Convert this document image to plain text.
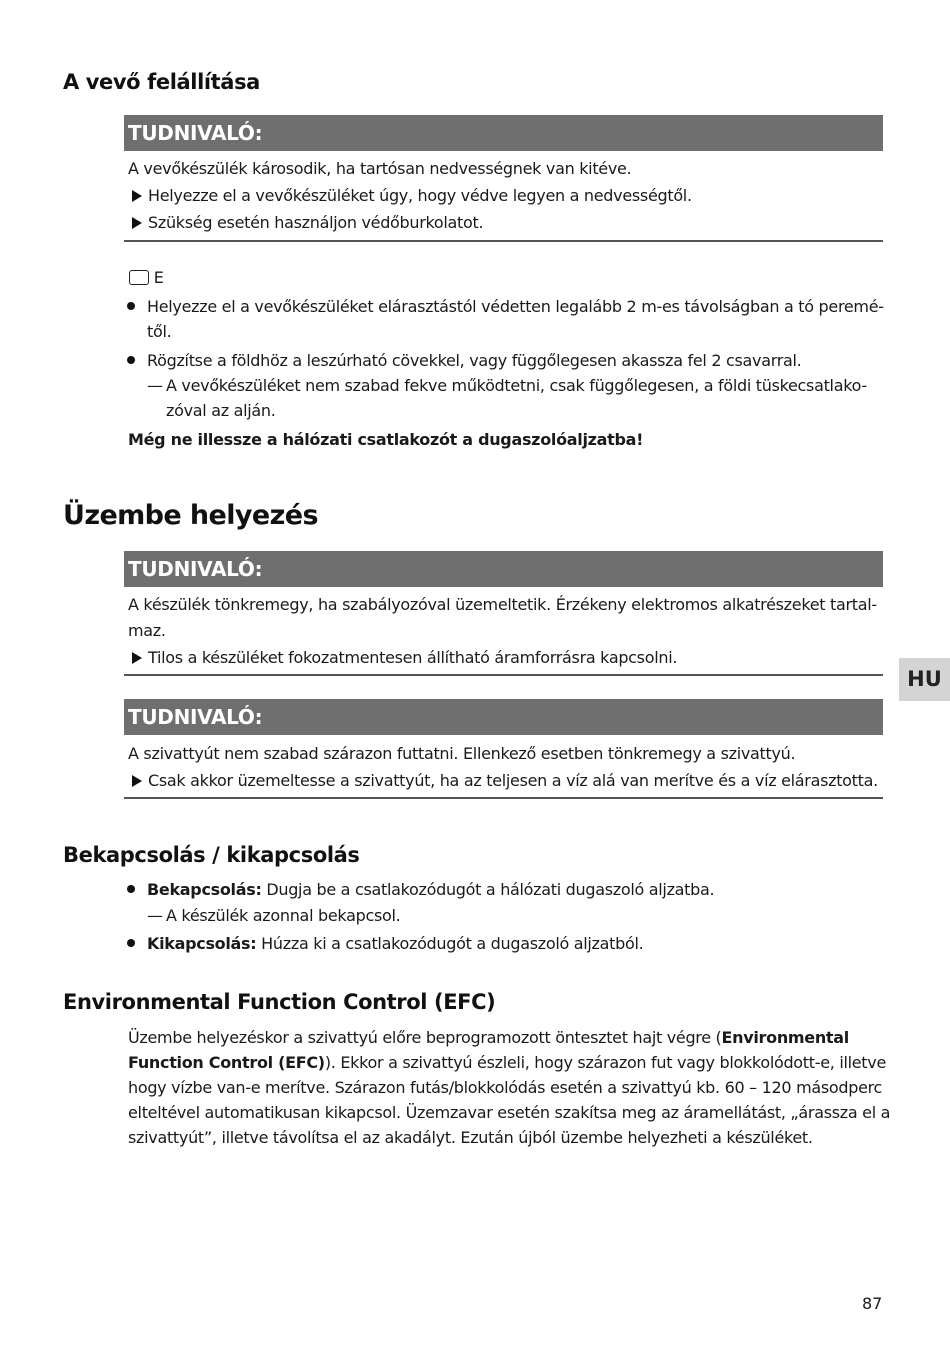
A vevő felállítása
TUDNIVALÓ:
A vevőkészülék károsodik, ha tartósan nedvességnek van kitéve.
Helyezze el a vevőkészüléket úgy, hogy védve legyen a nedvességtől.
Szükség esetén használjon védőburkolatot.
E
Helyezze el a vevőkészüléket elárasztástól védetten legalább 2 m-es távolságban a tó peremé-
től.
Rögzítse a földhöz a leszúrható cövekkel, vagy függőlegesen akassza fel 2 csavarral.
— A vevőkészüléket nem szabad fekve működtetni, csak függőlegesen, a földi tüskecsatlako-
zóval az alján.
Még ne illessze a hálózati csatlakozót a dugaszolóaljzatba!
Üzembe helyezés
TUDNIVALÓ:
A készülék tönkremegy, ha szabályozóval üzemeltetik. Érzékeny elektromos alkatrészeket tartal-
maz.
Tilos a készüléket fokozatmentesen állítható áramforrásra kapcsolni.
TUDNIVALÓ:
A szivattyút nem szabad szárazon futtatni. Ellenkező esetben tönkremegy a szivattyú.
Csak akkor üzemeltesse a szivattyút, ha az teljesen a víz alá van merítve és a víz elárasztotta.
Bekapcsolás / kikapcsolás
Bekapcsolás: Dugja be a csatlakozódugót a hálózati dugaszoló aljzatba.
— A készülék azonnal bekapcsol.
Kikapcsolás: Húzza ki a csatlakozódugót a dugaszoló aljzatból.
Environmental Function Control (EFC)
Üzembe helyezéskor a szivattyú előre beprogramozott öntesztet hajt végre (Environmental
Function Control (EFC)). Ekkor a szivattyú észleli, hogy szárazon fut vagy blokkolódott-e, illetve
hogy vízbe van-e merítve. Szárazon futás/blokkolódás esetén a szivattyú kb. 60 – 120 másodperc
elteltével automatikusan kikapcsol. Üzemzavar esetén szakítsa meg az áramellátást, „árassza el a
szivattyút”, illetve távolítsa el az akadályt. Ezután újból üzembe helyezheti a készüléket.
HU
87
